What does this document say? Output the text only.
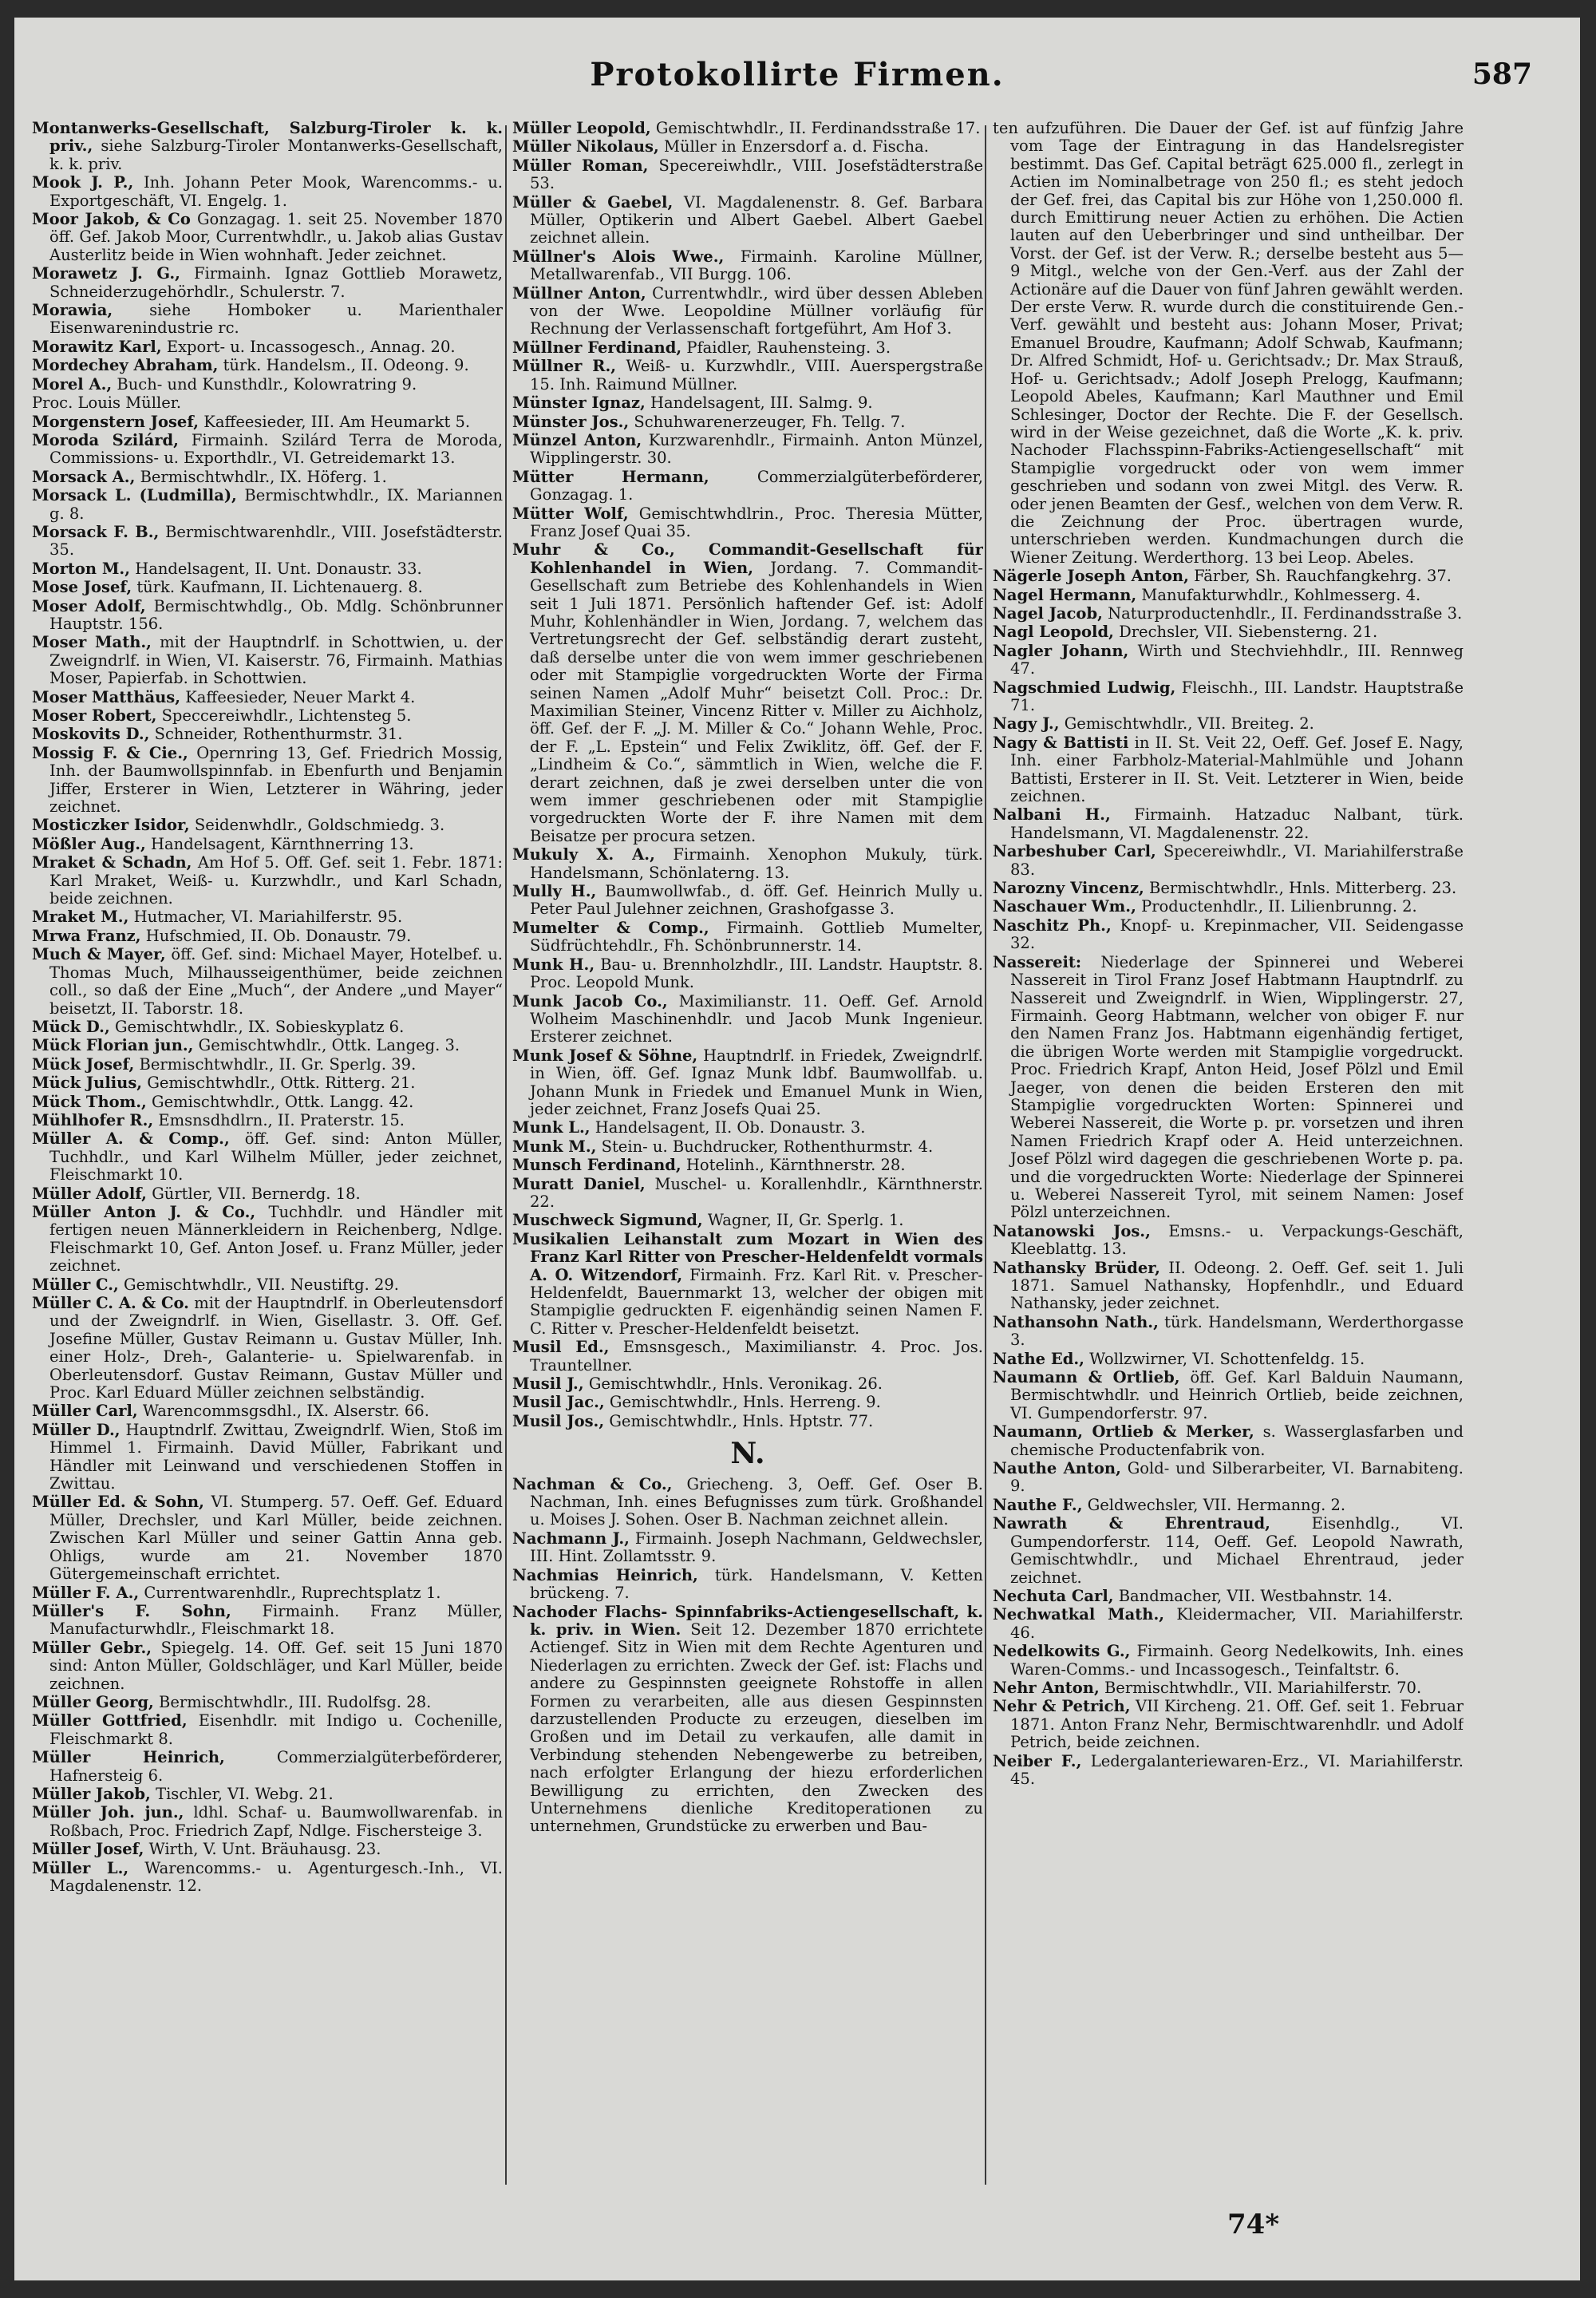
Protokollirte Firmen.	587
Montanwerks-Gesellschaft, Salzburg-Tiroler k. k. priv., siehe Salzburg-Tiroler Montanwerks-Gesellschaft, k. k. priv.
Mook J. P., Inh. Johann Peter Mook, Warencomms.- u. Exportgeschäft, VI. Engelg. 1.
Moor Jakob, & Co Gonzagag. 1. seit 25. November 1870 öff. Gef. Jakob Moor, Currentwhdlr., u. Jakob alias Gustav Austerlitz beide in Wien wohnhaft. Jeder zeichnet.
Morawetz J. G., Firmainh. Ignaz Gottlieb Morawetz, Schneiderzugehörhdlr., Schulerstr. 7.
Morawia, siehe Homboker u. Marienthaler Eisenwarenindustrie rc.
Morawitz Karl, Export- u. Incassogesch., Annag. 20.
Mordechey Abraham, türk. Handelsm., II. Odeong. 9.
Morel A., Buch- und Kunsthdlr., Kolowratring 9.
Proc. Louis Müller.
Morgenstern Josef, Kaffeesieder, III. Am Heumarkt 5.
Moroda Szilárd, Firmainh. Szilárd Terra de Moroda, Commissions- u. Exporthdlr., VI. Getreidemarkt 13.
Morsack A., Bermischtwhdlr., IX. Höferg. 1.
Morsack L. (Ludmilla), Bermischtwhdlr., IX. Mariannen g. 8.
Morsack F. B., Bermischtwarenhdlr., VIII. Josefstädterstr. 35.
Morton M., Handelsagent, II. Unt. Donaustr. 33.
Mose Josef, türk. Kaufmann, II. Lichtenauerg. 8.
Moser Adolf, Bermischtwhdlg., Ob. Mdlg. Schönbrunner Hauptstr. 156.
Moser Math., mit der Hauptndrlf. in Schottwien, u. der Zweigndrlf. in Wien, VI. Kaiserstr. 76, Firmainh. Mathias Moser, Papierfab. in Schottwien.
Moser Matthäus, Kaffeesieder, Neuer Markt 4.
Moser Robert, Speccereiwhdlr., Lichtensteg 5.
Moskovits D., Schneider, Rothenthurmstr. 31.
Mossig F. & Cie., Opernring 13, Gef. Friedrich Mossig, Inh. der Baumwollspinnfab. in Ebenfurth und Benjamin Jiffer, Ersterer in Wien, Letzterer in Währing, jeder zeichnet.
Mosticzker Isidor, Seidenwhdlr., Goldschmiedg. 3.
Mößler Aug., Handelsagent, Kärnthnerring 13.
Mraket & Schadn, Am Hof 5. Off. Gef. seit 1. Febr. 1871: Karl Mraket, Weiß- u. Kurzwhdlr., und Karl Schadn, beide zeichnen.
Mraket M., Hutmacher, VI. Mariahilferstr. 95.
Mrwa Franz, Hufschmied, II. Ob. Donaustr. 79.
Much & Mayer, öff. Gef. sind: Michael Mayer, Hotelbef. u. Thomas Much, Milhausseigenthümer, beide zeichnen coll., so daß der Eine „Much“, der Andere „und Mayer“ beisetzt, II. Taborstr. 18.
Mück D., Gemischtwhdlr., IX. Sobieskyplatz 6.
Mück Florian jun., Gemischtwhdlr., Ottk. Langeg. 3.
Mück Josef, Bermischtwhdlr., II. Gr. Sperlg. 39.
Mück Julius, Gemischtwhdlr., Ottk. Ritterg. 21.
Mück Thom., Gemischtwhdlr., Ottk. Langg. 42.
Mühlhofer R., Emsnsdhdlrn., II. Praterstr. 15.
Müller A. & Comp., öff. Gef. sind: Anton Müller, Tuchhdlr., und Karl Wilhelm Müller, jeder zeichnet, Fleischmarkt 10.
Müller Adolf, Gürtler, VII. Bernerdg. 18.
Müller Anton J. & Co., Tuchhdlr. und Händler mit fertigen neuen Männerkleidern in Reichenberg, Ndlge. Fleischmarkt 10, Gef. Anton Josef. u. Franz Müller, jeder zeichnet.
Müller C., Gemischtwhdlr., VII. Neustiftg. 29.
Müller C. A. & Co. mit der Hauptndrlf. in Oberleutensdorf und der Zweigndrlf. in Wien, Gisellastr. 3. Off. Gef. Josefine Müller, Gustav Reimann u. Gustav Müller, Inh. einer Holz-, Dreh-, Galanterie- u. Spielwarenfab. in Oberleutensdorf. Gustav Reimann, Gustav Müller und Proc. Karl Eduard Müller zeichnen selbständig.
Müller Carl, Warencommsgsdhl., IX. Alserstr. 66.
Müller D., Hauptndrlf. Zwittau, Zweigndrlf. Wien, Stoß im Himmel 1. Firmainh. David Müller, Fabrikant und Händler mit Leinwand und verschiedenen Stoffen in Zwittau.
Müller Ed. & Sohn, VI. Stumperg. 57. Oeff. Gef. Eduard Müller, Drechsler, und Karl Müller, beide zeichnen. Zwischen Karl Müller und seiner Gattin Anna geb. Ohligs, wurde am 21. November 1870 Gütergemeinschaft errichtet.
Müller F. A., Currentwarenhdlr., Ruprechtsplatz 1.
Müller's F. Sohn, Firmainh. Franz Müller, Manufacturwhdlr., Fleischmarkt 18.
Müller Gebr., Spiegelg. 14. Off. Gef. seit 15 Juni 1870 sind: Anton Müller, Goldschläger, und Karl Müller, beide zeichnen.
Müller Georg, Bermischtwhdlr., III. Rudolfsg. 28.
Müller Gottfried, Eisenhdlr. mit Indigo u. Cochenille, Fleischmarkt 8.
Müller Heinrich,	Commerzialgüterbeförderer, Hafnersteig 6.
Müller Jakob, Tischler, VI. Webg. 21.
Müller Joh. jun., ldhl. Schaf- u. Baumwollwarenfab. in Roßbach, Proc. Friedrich Zapf, Ndlge. Fischersteige 3.
Müller Josef, Wirth, V. Unt. Bräuhausg. 23.
Müller L., Warencomms.- u. Agenturgesch.-Inh., VI. Magdalenenstr. 12.
Müller Leopold, Gemischtwhdlr., II. Ferdinandsstraße 17.
Müller Nikolaus, Müller in Enzersdorf a. d. Fischa.
Müller Roman, Specereiwhdlr., VIII. Josefstädterstraße 53.
Müller & Gaebel, VI. Magdalenenstr. 8. Gef. Barbara Müller, Optikerin und Albert Gaebel. Albert Gaebel zeichnet allein.
Müllner's Alois Wwe., Firmainh. Karoline Müllner, Metallwarenfab., VII Burgg. 106.
Müllner Anton, Currentwhdlr., wird über dessen Ableben von der Wwe. Leopoldine Müllner vorläufig für Rechnung der Verlassenschaft fortgeführt, Am Hof 3.
Müllner Ferdinand, Pfaidler, Rauhensteing. 3.
Müllner R., Weiß- u. Kurzwhdlr., VIII. Auerspergstraße 15. Inh. Raimund Müllner.
Münster Ignaz, Handelsagent, III. Salmg. 9.
Münster Jos., Schuhwarenerzeuger, Fh. Tellg. 7.
Münzel Anton, Kurzwarenhdlr., Firmainh. Anton Münzel, Wipplingerstr. 30.
Mütter Hermann,	Commerzialgüterbeförderer, Gonzagag. 1.
Mütter Wolf, Gemischtwhdlrin., Proc. Theresia Mütter, Franz Josef Quai 35.
Muhr & Co., Commandit-Gesellschaft für Kohlenhandel in Wien, Jordang. 7. Commandit-Gesellschaft zum Betriebe des Kohlenhandels in Wien seit 1 Juli 1871. Persönlich haftender Gef. ist: Adolf Muhr, Kohlenhändler in Wien, Jordang. 7, welchem das Vertretungsrecht der Gef. selbständig derart zusteht, daß derselbe unter die von wem immer geschriebenen oder mit Stampiglie vorgedruckten Worte der Firma seinen Namen „Adolf Muhr“ beisetzt Coll. Proc.: Dr. Maximilian Steiner, Vincenz Ritter v. Miller zu Aichholz, öff. Gef. der F. „J. M. Miller & Co.“ Johann Wehle, Proc. der F. „L. Epstein“ und Felix Zwiklitz, öff. Gef. der F. „Lindheim & Co.“, sämmtlich in Wien, welche die F. derart zeichnen, daß je zwei derselben unter die von wem immer geschriebenen oder mit Stampiglie vorgedruckten Worte der F. ihre Namen mit dem Beisatze per procura setzen.
Mukuly X. A., Firmainh. Xenophon Mukuly, türk. Handelsmann, Schönlaterng. 13.
Mully H., Baumwollwfab., d. öff. Gef. Heinrich Mully u. Peter Paul Julehner zeichnen, Grashofgasse 3.
Mumelter & Comp., Firmainh. Gottlieb Mumelter, Südfrüchtehdlr., Fh. Schönbrunnerstr. 14.
Munk H., Bau- u. Brennholzhdlr., III. Landstr. Hauptstr. 8. Proc. Leopold Munk.
Munk Jacob Co., Maximilianstr. 11. Oeff. Gef. Arnold Wolheim Maschinenhdlr. und Jacob Munk Ingenieur. Ersterer zeichnet.
Munk Josef & Söhne, Hauptndrlf. in Friedek, Zweigndrlf. in Wien, öff. Gef. Ignaz Munk ldbf. Baumwollfab. u. Johann Munk in Friedek und Emanuel Munk in Wien, jeder zeichnet, Franz Josefs Quai 25.
Munk L., Handelsagent, II. Ob. Donaustr. 3.
Munk M., Stein- u. Buchdrucker, Rothenthurmstr. 4.
Munsch Ferdinand, Hotelinh., Kärnthnerstr. 28.
Muratt Daniel, Muschel- u. Korallenhdlr., Kärnthnerstr. 22.
Muschweck Sigmund, Wagner, II, Gr. Sperlg. 1.
Musikalien Leihanstalt zum Mozart in Wien des Franz Karl Ritter von Prescher-Heldenfeldt vormals A. O. Witzendorf, Firmainh. Frz. Karl Rit. v. Prescher-Heldenfeldt, Bauernmarkt 13, welcher der obigen mit Stampiglie gedruckten F. eigenhändig seinen Namen F. C. Ritter v. Prescher-Heldenfeldt beisetzt.
Musil Ed., Emsnsgesch., Maximilianstr. 4. Proc. Jos. Trauntellner.
Musil J., Gemischtwhdlr., Hnls. Veronikag. 26.
Musil Jac., Gemischtwhdlr., Hnls. Herreng. 9.
Musil Jos., Gemischtwhdlr., Hnls. Hptstr. 77.
N.
Nachman & Co., Griecheng. 3, Oeff. Gef. Oser B. Nachman, Inh. eines Befugnisses zum türk. Großhandel u. Moises J. Sohen. Oser B. Nachman zeichnet allein.
Nachmann J., Firmainh. Joseph Nachmann, Geldwechsler, III. Hint. Zollamtsstr. 9.
Nachmias Heinrich, türk. Handelsmann, V. Ketten brückeng. 7.
Nachoder Flachs- Spinnfabriks-Actiengesellschaft, k. k. priv. in Wien. Seit 12. Dezember 1870 errichtete Actiengef. Sitz in Wien mit dem Rechte Agenturen und Niederlagen zu errichten. Zweck der Gef. ist: Flachs und andere zu Gespinnsten geeignete Rohstoffe in allen Formen zu verarbeiten, alle aus diesen Gespinnsten darzustellenden Producte zu erzeugen, dieselben im Großen und im Detail zu verkaufen, alle damit in Verbindung stehenden Nebengewerbe zu betreiben, nach erfolgter Erlangung der hiezu erforderlichen Bewilligung zu errichten, den Zwecken des Unternehmens dienliche Kreditoperationen zu unternehmen, Grundstücke zu erwerben und Bau-
ten aufzuführen. Die Dauer der Gef. ist auf fünfzig Jahre vom Tage der Eintragung in das Handelsregister bestimmt. Das Gef. Capital beträgt 625.000 fl., zerlegt in Actien im Nominalbetrage von 250 fl.; es steht jedoch der Gef. frei, das Capital bis zur Höhe von 1,250.000 fl. durch Emittirung neuer Actien zu erhöhen. Die Actien lauten auf den Ueberbringer und sind untheilbar. Der Vorst. der Gef. ist der Verw. R.; derselbe besteht aus 5—9 Mitgl., welche von der Gen.-Verf. aus der Zahl der Actionäre auf die Dauer von fünf Jahren gewählt werden. Der erste Verw. R. wurde durch die constituirende Gen.-Verf. gewählt und besteht aus: Johann Moser, Privat; Emanuel Broudre, Kaufmann; Adolf Schwab, Kaufmann; Dr. Alfred Schmidt, Hof- u. Gerichtsadv.; Dr. Max Strauß, Hof- u. Gerichtsadv.; Adolf Joseph Prelogg, Kaufmann; Leopold Abeles, Kaufmann; Karl Mauthner und Emil Schlesinger, Doctor der Rechte. Die F. der Gesellsch. wird in der Weise gezeichnet, daß die Worte „K. k. priv. Nachoder Flachsspinn-Fabriks-Actiengesellschaft“ mit Stampiglie vorgedruckt oder von wem immer geschrieben und sodann von zwei Mitgl. des Verw. R. oder jenen Beamten der Gesf., welchen von dem Verw. R. die Zeichnung der Proc. übertragen wurde, unterschrieben werden. Kundmachungen durch die Wiener Zeitung. Werderthorg. 13 bei Leop. Abeles.
Nägerle Joseph Anton, Färber, Sh. Rauchfangkehrg. 37.
Nagel Hermann, Manufakturwhdlr., Kohlmesserg. 4.
Nagel Jacob, Naturproductenhdlr., II. Ferdinandsstraße 3.
Nagl Leopold, Drechsler, VII. Siebensterng. 21.
Nagler Johann, Wirth und Stechviehhdlr., III. Rennweg 47.
Nagschmied Ludwig, Fleischh., III. Landstr. Hauptstraße 71.
Nagy J., Gemischtwhdlr., VII. Breiteg. 2.
Nagy & Battisti in II. St. Veit 22, Oeff. Gef. Josef E. Nagy, Inh. einer Farbholz-Material-Mahlmühle und Johann Battisti, Ersterer in II. St. Veit. Letzterer in Wien, beide zeichnen.
Nalbani H., Firmainh. Hatzaduc Nalbant, türk. Handelsmann, VI. Magdalenenstr. 22.
Narbeshuber Carl, Specereiwhdlr., VI. Mariahilferstraße 83.
Narozny Vincenz, Bermischtwhdlr., Hnls. Mitterberg. 23.
Naschauer Wm., Productenhdlr., II. Lilienbrunng. 2.
Naschitz Ph., Knopf- u. Krepinmacher, VII. Seidengasse 32.
Nassereit: Niederlage der Spinnerei und Weberei Nassereit in Tirol Franz Josef Habtmann Hauptndrlf. zu Nassereit und Zweigndrlf. in Wien, Wipplingerstr. 27, Firmainh. Georg Habtmann, welcher von obiger F. nur den Namen Franz Jos. Habtmann eigenhändig fertiget, die übrigen Worte werden mit Stampiglie vorgedruckt. Proc. Friedrich Krapf, Anton Heid, Josef Pölzl und Emil Jaeger, von denen die beiden Ersteren den mit Stampiglie vorgedruckten Worten: Spinnerei und Weberei Nassereit, die Worte p. pr. vorsetzen und ihren Namen Friedrich Krapf oder A. Heid unterzeichnen. Josef Pölzl wird dagegen die geschriebenen Worte p. pa. und die vorgedruckten Worte: Niederlage der Spinnerei u. Weberei Nassereit Tyrol, mit seinem Namen: Josef Pölzl unterzeichnen.
Natanowski Jos., Emsns.- u. Verpackungs-Geschäft, Kleeblattg. 13.
Nathansky Brüder, II. Odeong. 2. Oeff. Gef. seit 1. Juli 1871. Samuel Nathansky, Hopfenhdlr., und Eduard Nathansky, jeder zeichnet.
Nathansohn Nath., türk. Handelsmann, Werderthorgasse 3.
Nathe Ed., Wollzwirner, VI. Schottenfeldg. 15.
Naumann & Ortlieb, öff. Gef. Karl Balduin Naumann, Bermischtwhdlr. und Heinrich Ortlieb, beide zeichnen, VI. Gumpendorferstr. 97.
Naumann, Ortlieb & Merker, s. Wasserglasfarben und chemische Productenfabrik von.
Nauthe Anton, Gold- und Silberarbeiter, VI. Barnabiteng. 9.
Nauthe F., Geldwechsler, VII. Hermanng. 2.
Nawrath & Ehrentraud,	Eisenhdlg., VI. Gumpendorferstr. 114, Oeff. Gef. Leopold Nawrath, Gemischtwhdlr., und Michael Ehrentraud, jeder zeichnet.
Nechuta Carl, Bandmacher, VII. Westbahnstr. 14.
Nechwatkal Math., Kleidermacher, VII. Mariahilferstr. 46.
Nedelkowits G., Firmainh. Georg Nedelkowits, Inh. eines Waren-Comms.- und Incassogesch., Teinfaltstr. 6.
Nehr Anton, Bermischtwhdlr., VII. Mariahilferstr. 70.
Nehr & Petrich, VII Kircheng. 21. Off. Gef. seit 1. Februar 1871. Anton Franz Nehr, Bermischtwarenhdlr. und Adolf Petrich, beide zeichnen.
Neiber F., Ledergalanteriewaren-Erz., VI. Mariahilferstr. 45.
74*
